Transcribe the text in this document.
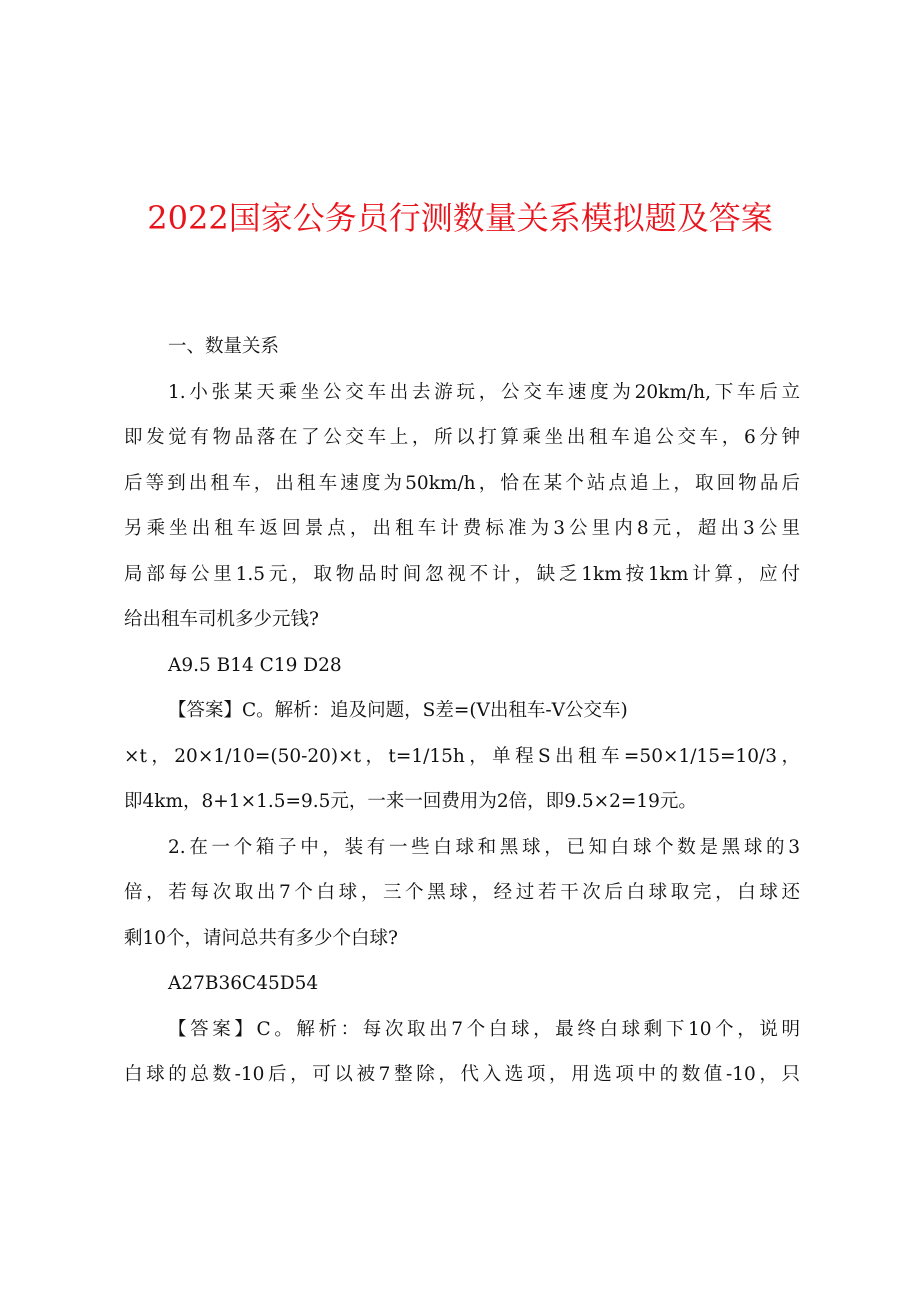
2022国家公务员行测数量关系模拟题及答案
一、数量关系
1.小张某天乘坐公交车出去游玩，公交车速度为20km/h,下车后立
即发觉有物品落在了公交车上，所以打算乘坐出租车追公交车，6分钟
后等到出租车，出租车速度为50km/h，恰在某个站点追上，取回物品后
另乘坐出租车返回景点，出租车计费标准为3公里内8元，超出3公里
局部每公里1.5元，取物品时间忽视不计，缺乏1km按1km计算，应付
给出租车司机多少元钱?
A9.5 B14 C19 D28
【答案】C。解析：追及问题，S差=(V出租车-V公交车)
×t，20×1/10=(50-20)×t，t=1/15h，单程S出租车=50×1/15=10/3，
即4km，8+1×1.5=9.5元，一来一回费用为2倍，即9.5×2=19元。
2.在一个箱子中，装有一些白球和黑球，已知白球个数是黑球的3
倍，若每次取出7个白球，三个黑球，经过若干次后白球取完，白球还
剩10个，请问总共有多少个白球?
A27B36C45D54
【答案】C。解析：每次取出7个白球，最终白球剩下10个，说明
白球的总数-10后，可以被7整除，代入选项，用选项中的数值-10，只
